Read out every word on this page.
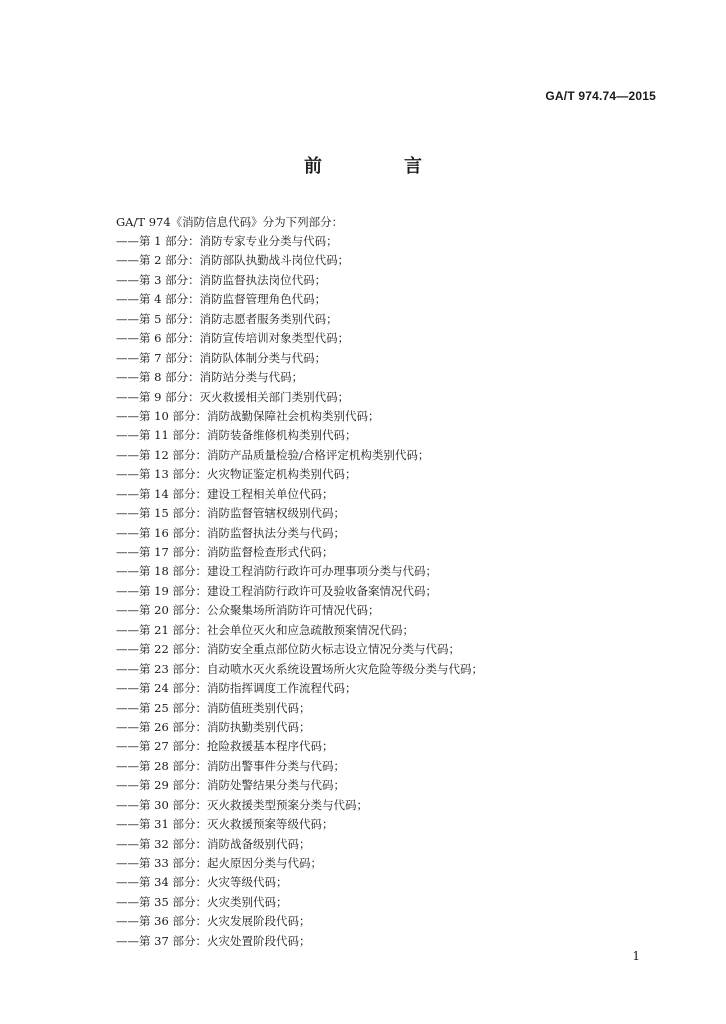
GA/T 974.74—2015
前　言
GA/T 974《消防信息代码》分为下列部分：
——第 1 部分：消防专家专业分类与代码；
——第 2 部分：消防部队执勤战斗岗位代码；
——第 3 部分：消防监督执法岗位代码；
——第 4 部分：消防监督管理角色代码；
——第 5 部分：消防志愿者服务类别代码；
——第 6 部分：消防宣传培训对象类型代码；
——第 7 部分：消防队体制分类与代码；
——第 8 部分：消防站分类与代码；
——第 9 部分：灭火救援相关部门类别代码；
——第 10 部分：消防战勤保障社会机构类别代码；
——第 11 部分：消防装备维修机构类别代码；
——第 12 部分：消防产品质量检验/合格评定机构类别代码；
——第 13 部分：火灾物证鉴定机构类别代码；
——第 14 部分：建设工程相关单位代码；
——第 15 部分：消防监督管辖权级别代码；
——第 16 部分：消防监督执法分类与代码；
——第 17 部分：消防监督检查形式代码；
——第 18 部分：建设工程消防行政许可办理事项分类与代码；
——第 19 部分：建设工程消防行政许可及验收备案情况代码；
——第 20 部分：公众聚集场所消防许可情况代码；
——第 21 部分：社会单位灭火和应急疏散预案情况代码；
——第 22 部分：消防安全重点部位防火标志设立情况分类与代码；
——第 23 部分：自动喷水灭火系统设置场所火灾危险等级分类与代码；
——第 24 部分：消防指挥调度工作流程代码；
——第 25 部分：消防值班类别代码；
——第 26 部分：消防执勤类别代码；
——第 27 部分：抢险救援基本程序代码；
——第 28 部分：消防出警事件分类与代码；
——第 29 部分：消防处警结果分类与代码；
——第 30 部分：灭火救援类型预案分类与代码；
——第 31 部分：灭火救援预案等级代码；
——第 32 部分：消防战备级别代码；
——第 33 部分：起火原因分类与代码；
——第 34 部分：火灾等级代码；
——第 35 部分：火灾类别代码；
——第 36 部分：火灾发展阶段代码；
——第 37 部分：火灾处置阶段代码；
1
